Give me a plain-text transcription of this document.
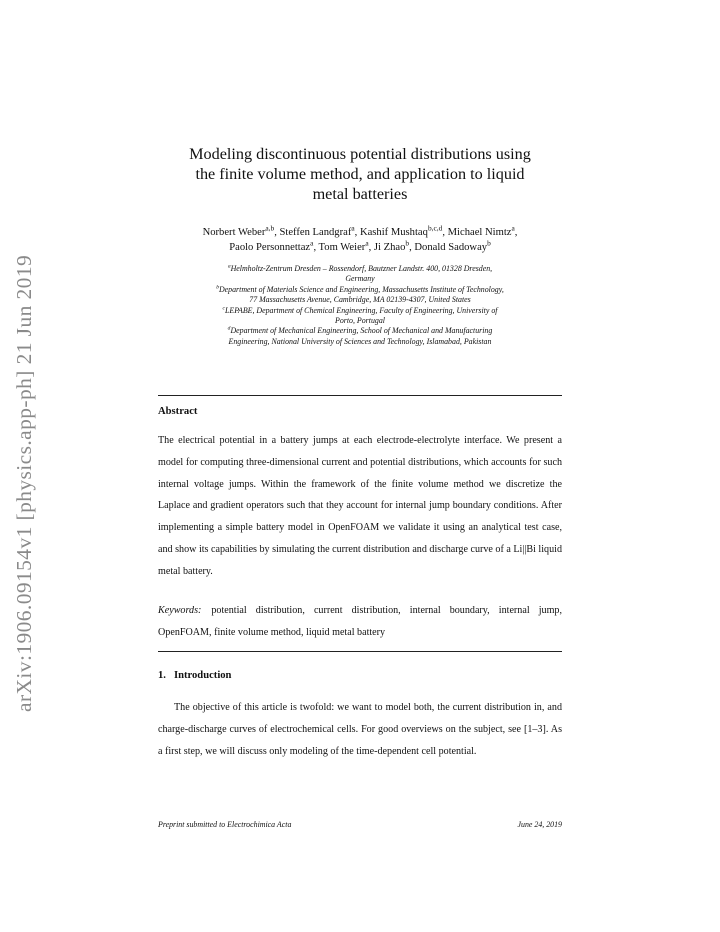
arXiv:1906.09154v1 [physics.app-ph] 21 Jun 2019
Modeling discontinuous potential distributions using
the finite volume method, and application to liquid
metal batteries
Norbert Weber$^{a,b}$, Steffen Landgraf$^a$, Kashif Mushtaq$^{b,c,d}$, Michael Nimtz$^a$,
Paolo Personnettaz$^a$, Tom Weier$^a$, Ji Zhao$^b$, Donald Sadoway$^b$
$^a$Helmholtz-Zentrum Dresden – Rossendorf, Bautzner Landstr. 400, 01328 Dresden,
Germany
$^b$Department of Materials Science and Engineering, Massachusetts Institute of Technology,
77 Massachusetts Avenue, Cambridge, MA 02139-4307, United States
$^c$LEPABE, Department of Chemical Engineering, Faculty of Engineering, University of
Porto, Portugal
$^d$Department of Mechanical Engineering, School of Mechanical and Manufacturing
Engineering, National University of Sciences and Technology, Islamabad, Pakistan
Abstract
The electrical potential in a battery jumps at each electrode-electrolyte interface. We present a model for computing three-dimensional current and potential distributions, which accounts for such internal voltage jumps. Within the framework of the finite volume method we discretize the Laplace and gradient operators such that they account for internal jump boundary conditions. After implementing a simple battery model in OpenFOAM we validate it using an analytical test case, and show its capabilities by simulating the current distribution and discharge curve of a Li||Bi liquid metal battery.
Keywords: potential distribution, current distribution, internal boundary, internal jump, OpenFOAM, finite volume method, liquid metal battery
1. Introduction
The objective of this article is twofold: we want to model both, the current distribution in, and charge-discharge curves of electrochemical cells. For good overviews on the subject, see [1–3]. As a first step, we will discuss only modeling of the time-dependent cell potential.
Preprint submitted to Electrochimica Acta	June 24, 2019
